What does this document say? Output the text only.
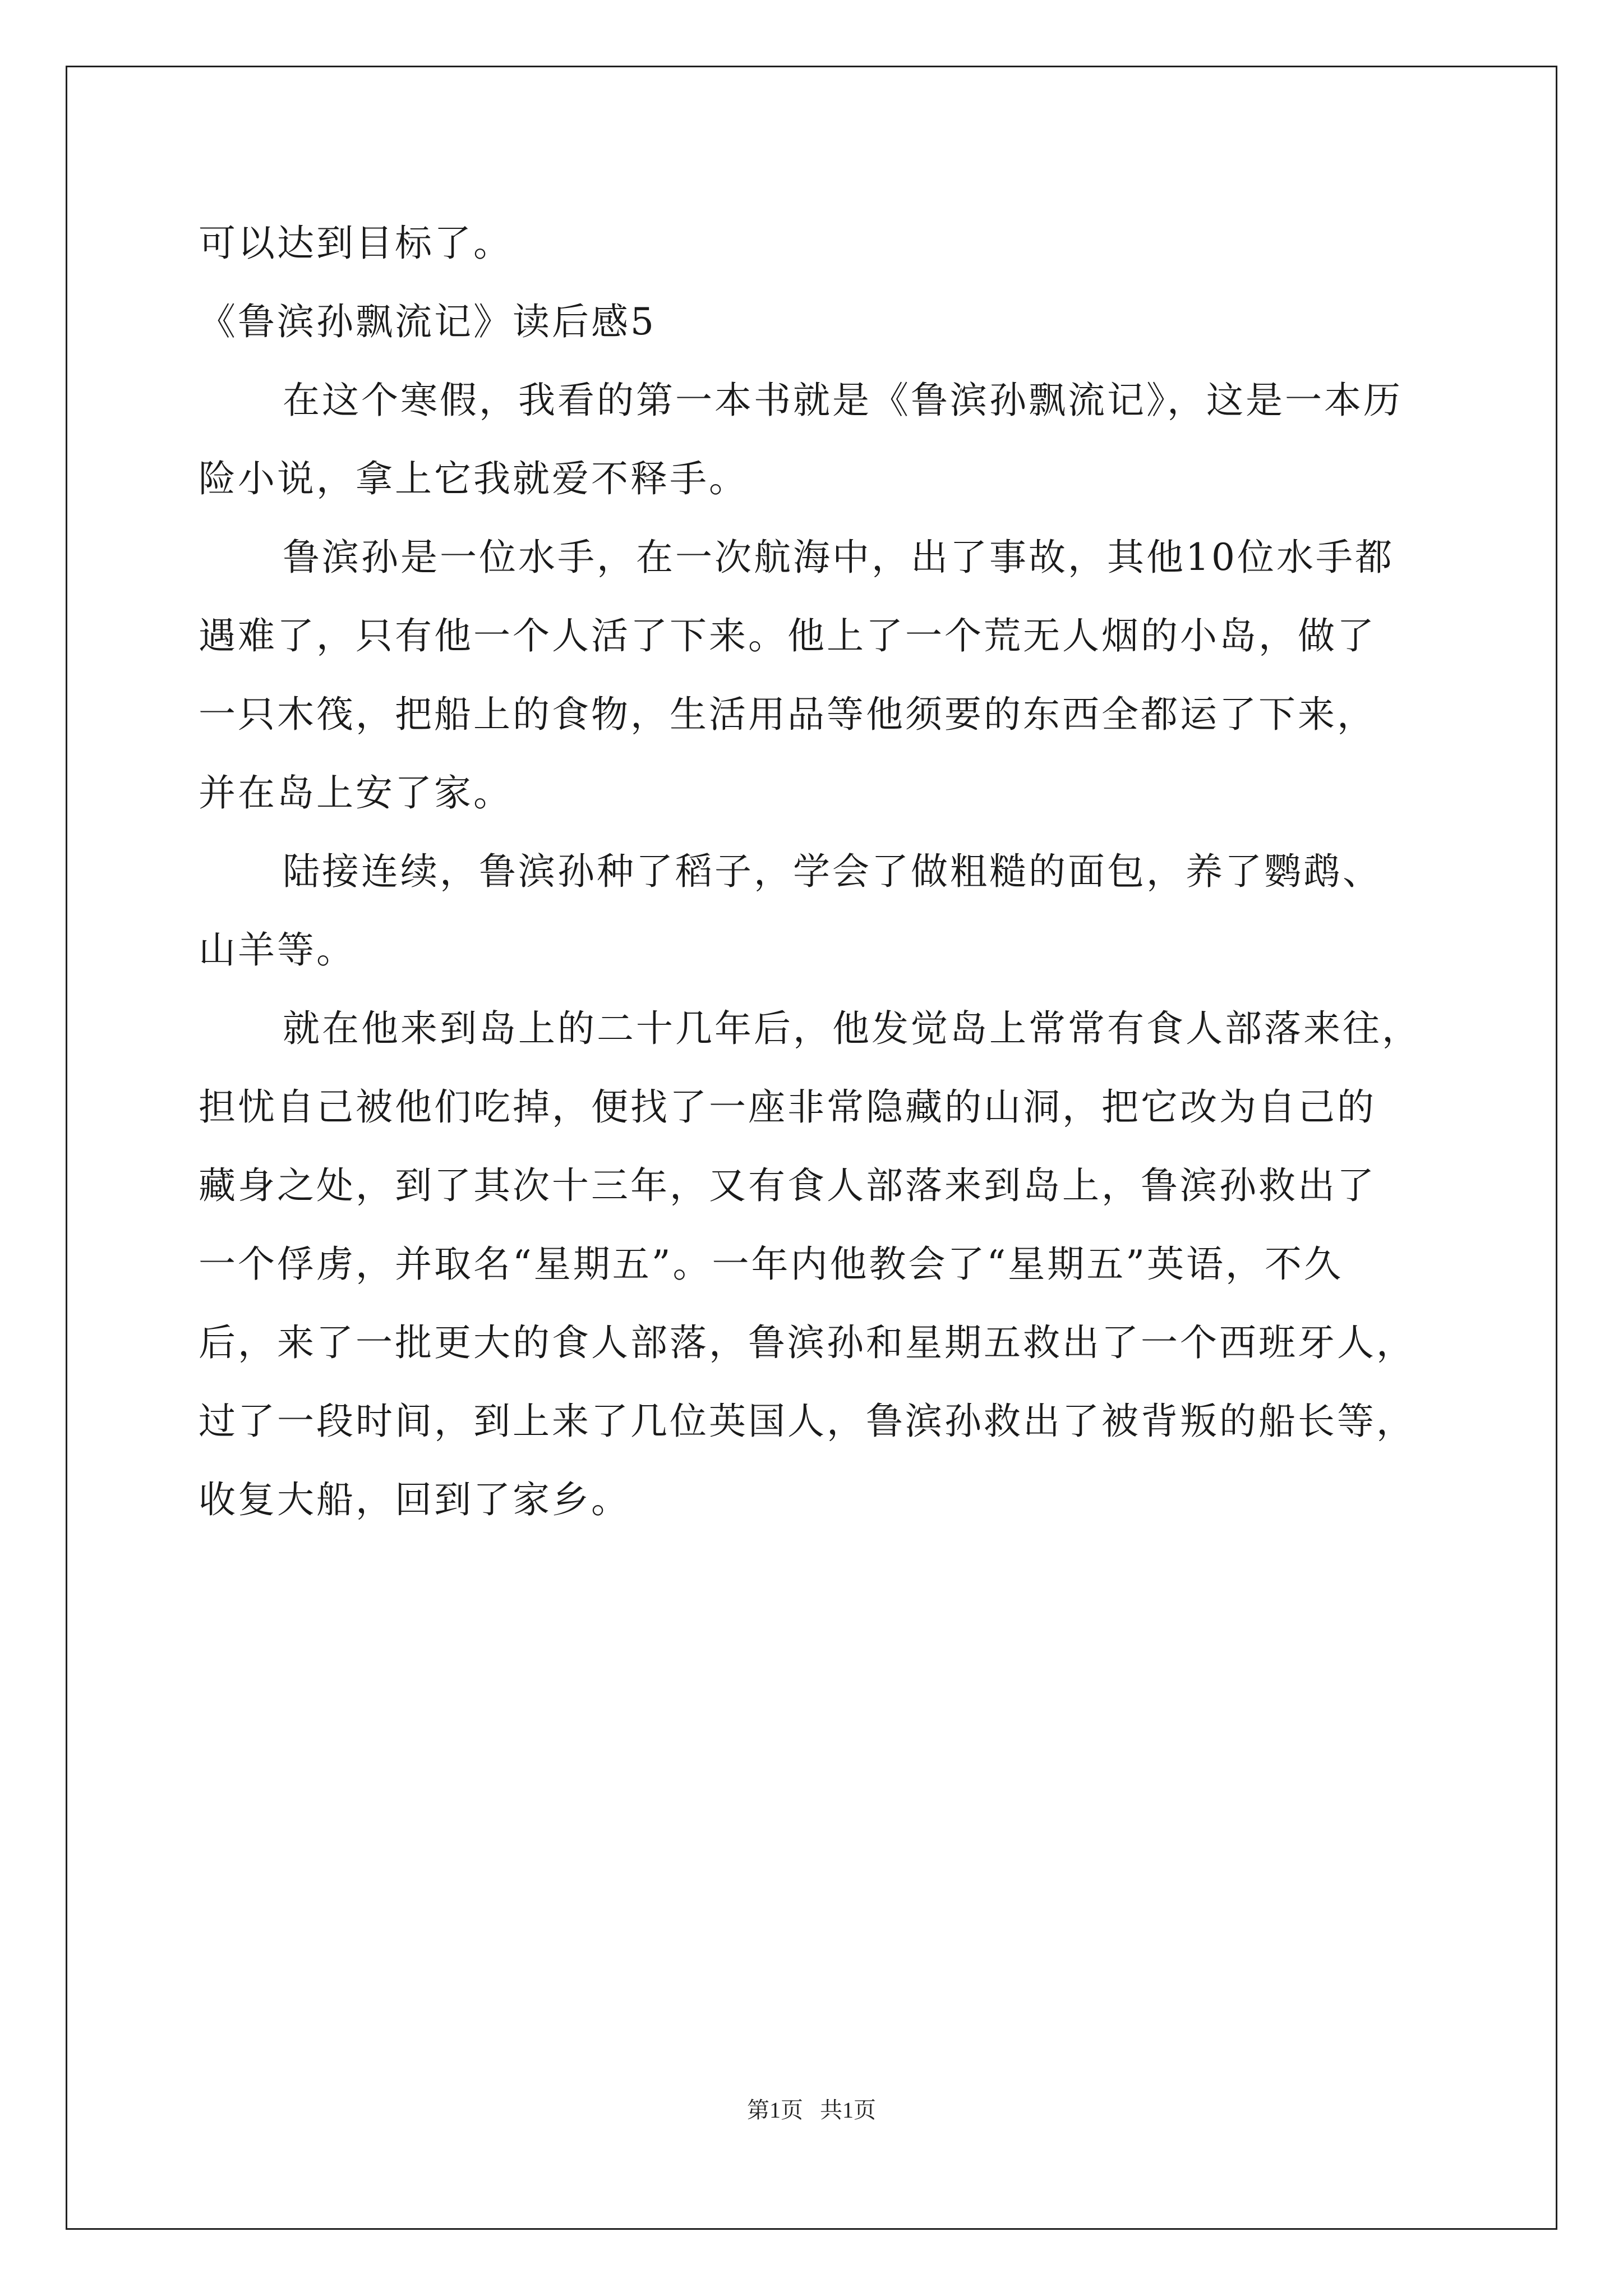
可以达到目标了。
《鲁滨孙飘流记》读后感5
在这个寒假，我看的第一本书就是《鲁滨孙飘流记》，这是一本历
险小说，拿上它我就爱不释手。
鲁滨孙是一位水手，在一次航海中，出了事故，其他10位水手都
遇难了，只有他一个人活了下来。他上了一个荒无人烟的小岛，做了
一只木筏，把船上的食物，生活用品等他须要的东西全都运了下来，
并在岛上安了家。
陆接连续，鲁滨孙种了稻子，学会了做粗糙的面包，养了鹦鹉、
山羊等。
就在他来到岛上的二十几年后，他发觉岛上常常有食人部落来往，
担忧自己被他们吃掉，便找了一座非常隐藏的山洞，把它改为自己的
藏身之处，到了其次十三年，又有食人部落来到岛上，鲁滨孙救出了
一个俘虏，并取名“星期五”。一年内他教会了“星期五”英语，不久
后，来了一批更大的食人部落，鲁滨孙和星期五救出了一个西班牙人，
过了一段时间，到上来了几位英国人，鲁滨孙救出了被背叛的船长等，
收复大船，回到了家乡。
第1页 共1页
